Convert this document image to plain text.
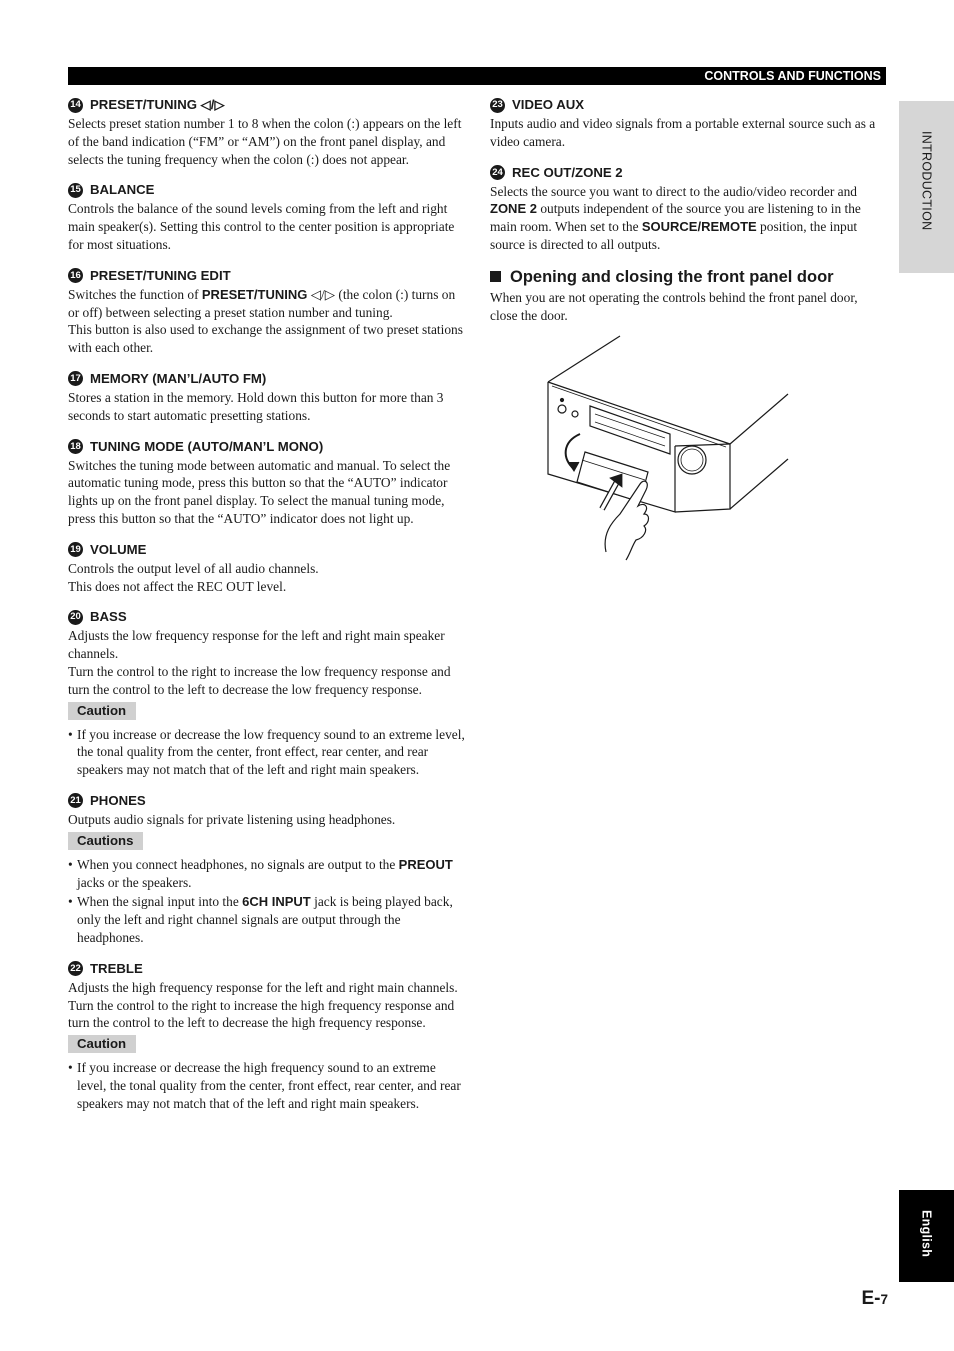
CONTROLS AND FUNCTIONS
INTRODUCTION
English
14 PRESET/TUNING ◁/▷

Selects preset station number 1 to 8 when the colon (:) appears on the left of the band indication (“FM” or “AM”) on the front panel display, and selects the tuning frequency when the colon (:) does not appear.

15 BALANCE

Controls the balance of the sound levels coming from the left and right main speaker(s). Setting this control to the center position is appropriate for most situations.

16 PRESET/TUNING EDIT

Switches the function of PRESET/TUNING ◁/▷ (the colon (:) turns on or off) between selecting a preset station number and tuning.

This button is also used to exchange the assignment of two preset stations with each other.

17 MEMORY (MAN’L/AUTO FM)

Stores a station in the memory. Hold down this button for more than 3 seconds to start automatic presetting stations.

18 TUNING MODE (AUTO/MAN’L MONO)

Switches the tuning mode between automatic and manual. To select the automatic tuning mode, press this button so that the “AUTO” indicator lights up on the front panel display. To select the manual tuning mode, press this button so that the “AUTO” indicator does not light up.

19 VOLUME

Controls the output level of all audio channels.

This does not affect the REC OUT level.

20 BASS

Adjusts the low frequency response for the left and right main speaker channels.

Turn the control to the right to increase the low frequency response and turn the control to the left to decrease the low frequency response.

Caution

• If you increase or decrease the low frequency sound to an extreme level, the tonal quality from the center, front effect, rear center, and rear speakers may not match that of the left and right main speakers.

21 PHONES

Outputs audio signals for private listening using headphones.

Cautions

• When you connect headphones, no signals are output to the PREOUT jacks or the speakers.

• When the signal input into the 6CH INPUT jack is being played back, only the left and right channel signals are output through the headphones.

22 TREBLE

Adjusts the high frequency response for the left and right main channels.

Turn the control to the right to increase the high frequency response and turn the control to the left to decrease the high frequency response.

Caution

• If you increase or decrease the high frequency sound to an extreme level, the tonal quality from the center, front effect, rear center, and rear speakers may not match that of the left and right main speakers.

23 VIDEO AUX

Inputs audio and video signals from a portable external source such as a video camera.

24 REC OUT/ZONE 2

Selects the source you want to direct to the audio/video recorder and ZONE 2 outputs independent of the source you are listening to in the main room. When set to the SOURCE/REMOTE position, the input source is directed to all outputs.

Opening and closing the front panel door

When you are not operating the controls behind the front panel door, close the door.

E-7
